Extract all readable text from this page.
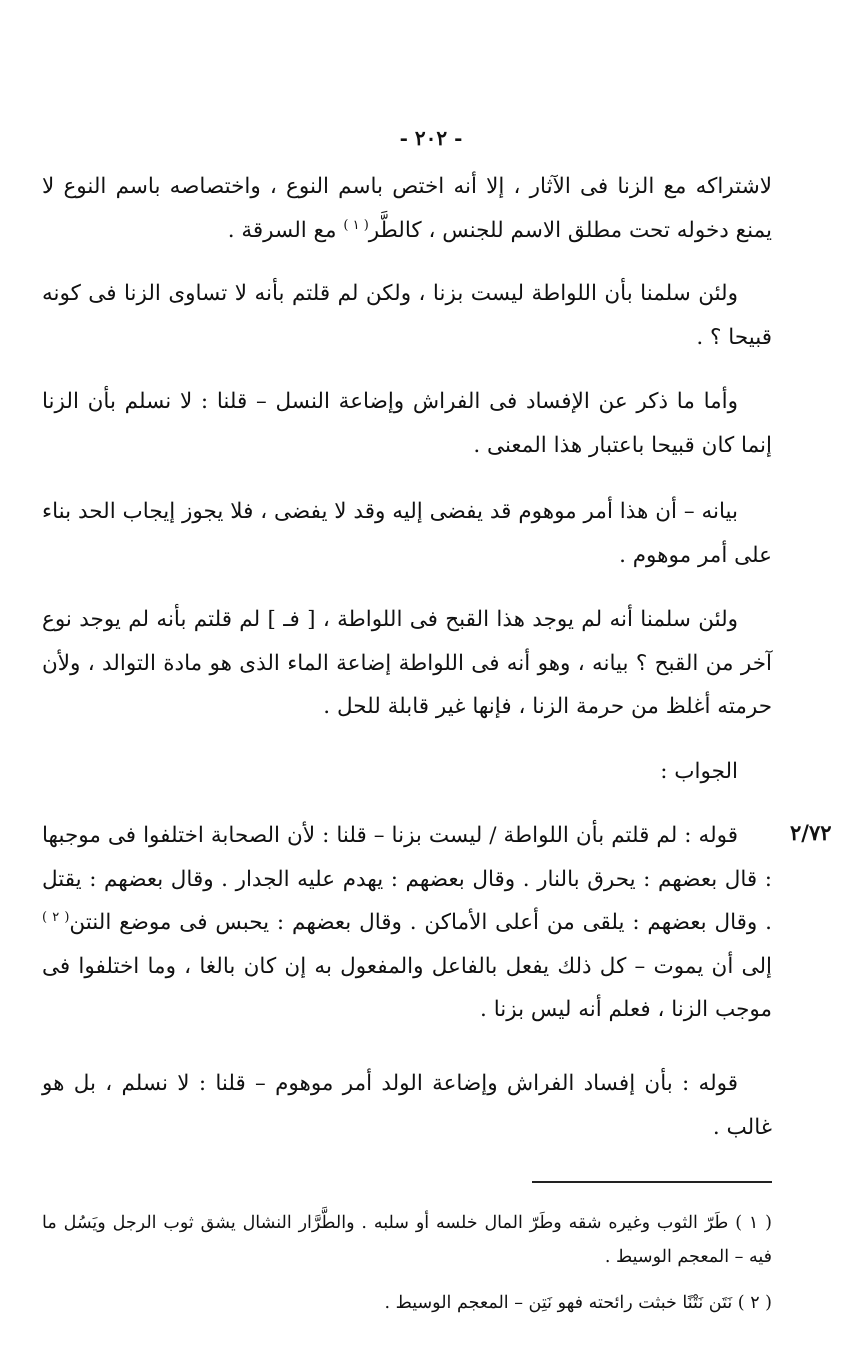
- ٢٠٢ -
٢/٧٢

لاشتراكه مع الزنا فى الآثار ، إلا أنه اختص باسم النوع ، واختصاصه باسم النوع لا يمنع دخوله تحت مطلق الاسم للجنس ، كالطَّر$^{( ١ )}$ مع السرقة .

ولئن سلمنا بأن اللواطة ليست بزنا ، ولكن لم قلتم بأنه لا تساوى الزنا فى كونه قبيحا ؟ .

وأما ما ذكر عن الإفساد فى الفراش وإضاعة النسل – قلنا : لا نسلم بأن الزنا إنما كان قبيحا باعتبار هذا المعنى .

بيانه – أن هذا أمر موهوم قد يفضى إليه وقد لا يفضى ، فلا يجوز إيجاب الحد بناء على أمر موهوم .

ولئن سلمنا أنه لم يوجد هذا القبح فى اللواطة ، [ فـ ] لم قلتم بأنه لم يوجد نوع آخر من القبح ؟ بيانه ، وهو أنه فى اللواطة إضاعة الماء الذى هو مادة التوالد ، ولأن حرمته أغلظ من حرمة الزنا ، فإنها غير قابلة للحل .

الجواب :

قوله : لم قلتم بأن اللواطة / ليست بزنا – قلنا : لأن الصحابة اختلفوا فى موجبها : قال بعضهم : يحرق بالنار . وقال بعضهم : يهدم عليه الجدار . وقال بعضهم : يقتل . وقال بعضهم : يلقى من أعلى الأماكن . وقال بعضهم : يحبس فى موضع النتن$^{( ٢ )}$ إلى أن يموت – كل ذلك يفعل بالفاعل والمفعول به إن كان بالغا ، وما اختلفوا فى موجب الزنا ، فعلم أنه ليس بزنا .

قوله : بأن إفساد الفراش وإضاعة الولد أمر موهوم – قلنا : لا نسلم ، بل هو غالب .

( ١ ) طَرّ الثوب وغيره شقه وطَرّ المال خلسه أو سلبه . والطَّرَّار النشال يشق ثوب الرجل ويَسُل ما فيه – المعجم الوسيط .

( ٢ ) نَتَن نَتْنًا خبثت رائحته فهو نَتِن – المعجم الوسيط .
